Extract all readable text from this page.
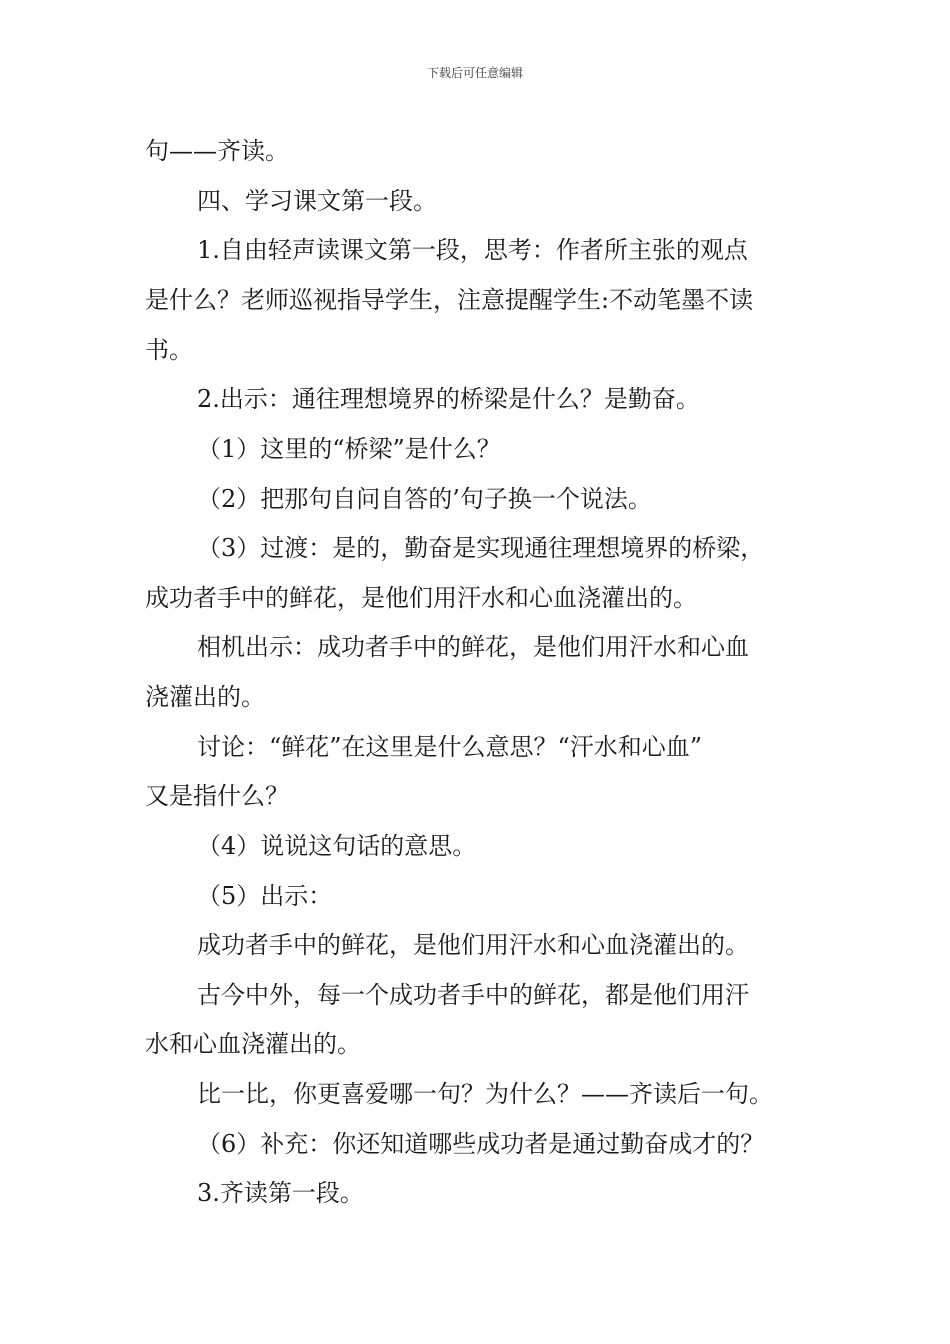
下载后可任意编辑
句——齐读。
四、学习课文第一段。
1.自由轻声读课文第一段，思考：作者所主张的观点
是什么？老师巡视指导学生，注意提醒学生:不动笔墨不读
书。
2.出示：通往理想境界的桥梁是什么？是勤奋。
（1）这里的“桥梁”是什么？
（2）把那句自问自答的’句子换一个说法。
（3）过渡：是的，勤奋是实现通往理想境界的桥梁，
成功者手中的鲜花，是他们用汗水和心血浇灌出的。
相机出示：成功者手中的鲜花，是他们用汗水和心血
浇灌出的。
讨论：“鲜花”在这里是什么意思？“汗水和心血”
又是指什么？
（4）说说这句话的意思。
（5）出示：
成功者手中的鲜花，是他们用汗水和心血浇灌出的。
古今中外，每一个成功者手中的鲜花，都是他们用汗
水和心血浇灌出的。
比一比，你更喜爱哪一句？为什么？——齐读后一句。
（6）补充：你还知道哪些成功者是通过勤奋成才的？
3.齐读第一段。
